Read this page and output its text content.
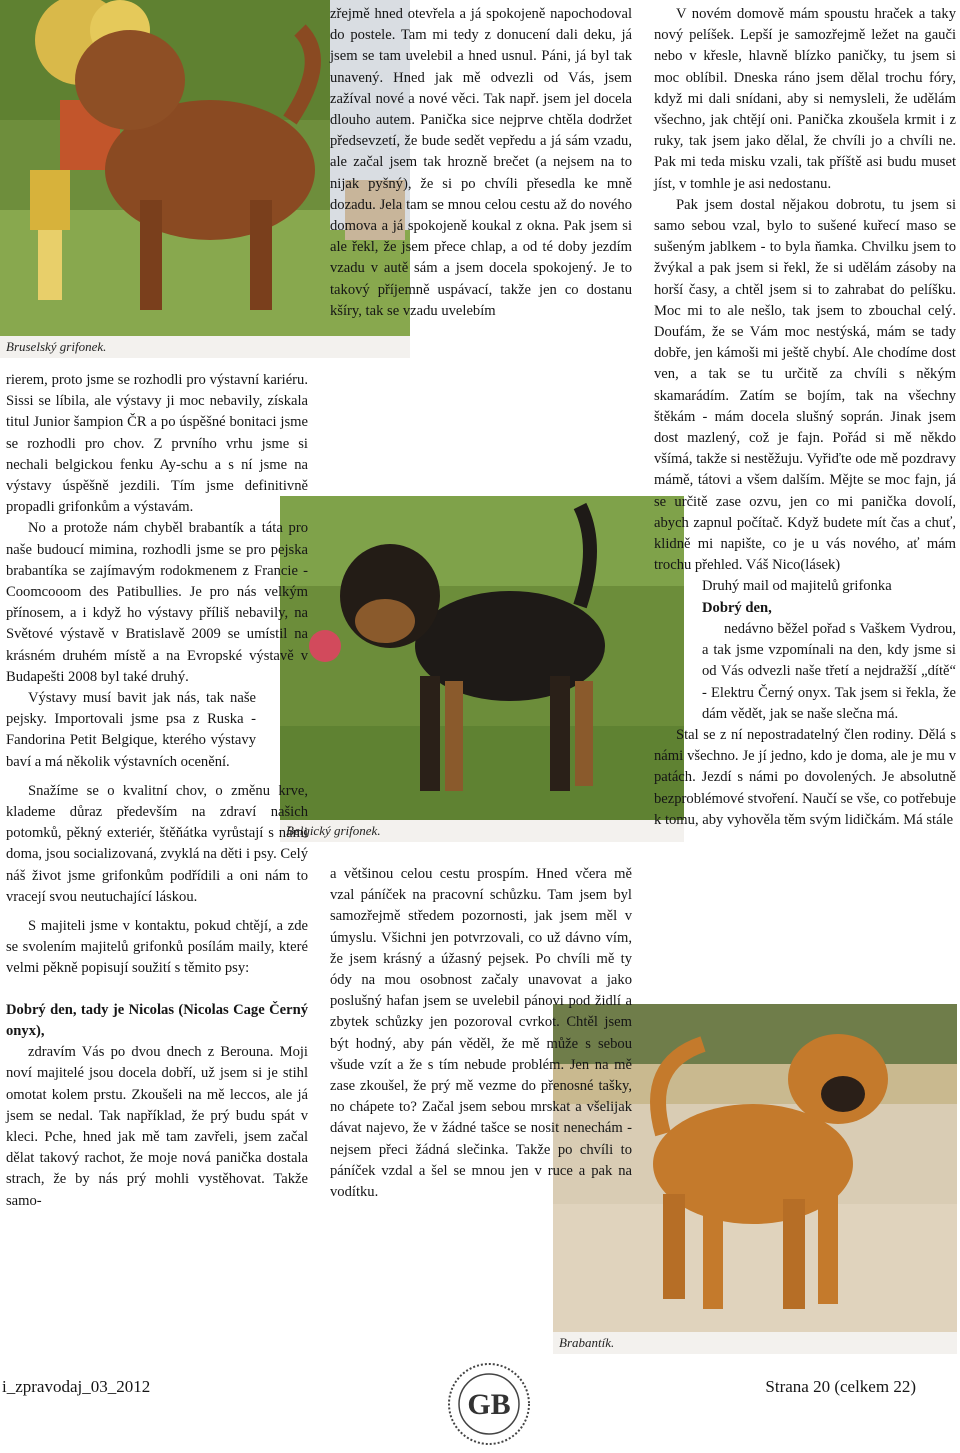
Bruselský grifonek.
Belgický grifonek.
Brabantík.

rierem, proto jsme se rozhodli pro výstavní kariéru. Sissi se líbila, ale výstavy ji moc nebavily, získala titul Junior šampion ČR a po úspěšné bonitaci jsme se rozhodli pro chov. Z prvního vrhu jsme si nechali belgickou fenku Ay-schu a s ní jsme na výstavy úspěšně jezdili. Tím jsme definitivně propadli grifonkům a výstavám.

No a protože nám chyběl brabantík a táta pro naše budoucí mimina, rozhodli jsme se pro pejska brabantíka se zajímavým rodokmenem z Francie - Coomcooom des Patibullies. Je pro nás velkým přínosem, a i když ho výstavy příliš nebavily, na Světové výstavě v Bratislavě 2009 se umístil na krásném druhém místě a na Evropské výstavě v Budapešti 2008 byl také druhý.

Výstavy musí bavit jak nás, tak naše pejsky. Importovali jsme psa z Ruska - Fandorina Petit Belgique, kterého výstavy baví a má několik výstavních ocenění.

Snažíme se o kvalitní chov, o změnu krve, klademe důraz především na zdraví našich potomků, pěkný exteriér, štěňátka vyrůstají s námi doma, jsou socializovaná, zvyklá na děti i psy. Celý náš život jsme grifonkům podřídili a oni nám to vracejí svou neutuchající láskou.

S majiteli jsme v kontaktu, pokud chtějí, a zde se svolením majitelů grifonků posílám maily, které velmi pěkně popisují soužití s těmito psy:

Dobrý den, tady je Nicolas (Nicolas Cage Černý onyx),

zdravím Vás po dvou dnech z Berouna. Moji noví majitelé jsou docela dobří, už jsem si je stihl omotat kolem prstu. Zkoušeli na mě leccos, ale já jsem se nedal. Tak například, že prý budu spát v kleci. Pche, hned jak mě tam zavřeli, jsem začal dělat takový rachot, že moje nová panička dostala strach, že by nás prý mohli vystěhovat. Takže samo-

zřejmě hned otevřela a já spokojeně napochodoval do postele. Tam mi tedy z donucení dali deku, já jsem se tam uvelebil a hned usnul. Páni, já byl tak unavený. Hned jak mě odvezli od Vás, jsem zažíval nové a nové věci. Tak např. jsem jel docela dlouho autem. Panička sice nejprve chtěla dodržet předsevzetí, že bude sedět vepředu a já sám vzadu, ale začal jsem tak hrozně brečet (a nejsem na to nijak pyšný), že si po chvíli přesedla ke mně dozadu. Jela tam se mnou celou cestu až do nového domova a já spokojeně koukal z okna. Pak jsem si ale řekl, že jsem přece chlap, a od té doby jezdím vzadu v autě sám a jsem docela spokojený. Je to takový příjemně uspávací, takže jen co dostanu kšíry, tak se vzadu uvelebím

a většinou celou cestu prospím. Hned včera mě vzal páníček na pracovní schůzku. Tam jsem byl samozřejmě středem pozornosti, jak jsem měl v úmyslu. Všichni jen potvrzovali, co už dávno vím, že jsem krásný a úžasný pejsek. Po chvíli mě ty ódy na mou osobnost začaly unavovat a jako poslušný hafan jsem se uvelebil pánovi pod židlí a zbytek schůzky jen pozoroval cvrkot. Chtěl jsem být hodný, aby pán věděl, že mě může s sebou všude vzít a že s tím nebude problém. Jen na mě zase zkoušel, že prý mě vezme do přenosné tašky, no chápete to? Začal jsem sebou mrskat a všelijak dávat najevo, že v žádné tašce se nosit nenechám - nejsem přeci žádná slečinka. Takže po chvíli to páníček vzdal a šel se mnou jen v ruce a pak na vodítku.

V novém domově mám spoustu hraček a taky nový pelíšek. Lepší je samozřejmě ležet na gauči nebo v křesle, hlavně blízko paničky, tu jsem si moc oblíbil. Dneska ráno jsem dělal trochu fóry, když mi dali snídani, aby si nemysleli, že udělám všechno, jak chtějí oni. Panička zkoušela krmit i z ruky, tak jsem jako dělal, že chvíli jo a chvíli ne. Pak mi teda misku vzali, tak příště asi budu muset jíst, v tomhle je asi nedostanu.

Pak jsem dostal nějakou dobrotu, tu jsem si samo sebou vzal, bylo to sušené kuřecí maso se sušeným jablkem - to byla ňamka. Chvilku jsem to žvýkal a pak jsem si řekl, že si udělám zásoby na horší časy, a chtěl jsem si to zahrabat do pelíšku. Moc mi to ale nešlo, tak jsem to zbouchal celý. Doufám, že se Vám moc nestýská, mám se tady dobře, jen kámoši mi ještě chybí. Ale chodíme dost ven, a tak se tu určitě za chvíli s někým skamarádím. Zatím se bojím, tak na všechny štěkám - mám docela slušný soprán. Jinak jsem dost mazlený, což je fajn. Pořád si mě někdo všímá, takže si nestěžuju. Vyřiďte ode mě pozdravy mámě, tátovi a všem dalším. Mějte se moc fajn, já se určitě zase ozvu, jen co mi panička dovolí, abych zapnul počítač. Když budete mít čas a chuť, klidně mi napište, co je u vás nového, ať mám trochu přehled. Váš Nico(lásek)

Druhý mail od majitelů grifonka

Dobrý den,

nedávno běžel pořad s Vaškem Vydrou, a tak jsme vzpomínali na den, kdy jsme si od Vás odvezli naše třetí a nejdražší „dítě“ - Elektru Černý onyx. Tak jsem si řekla, že dám vědět, jak se naše slečna má.

Stal se z ní nepostradatelný člen rodiny. Dělá s námi všechno. Je jí jedno, kdo je doma, ale je mu v patách. Jezdí s námi po dovolených. Je absolutně bezproblémové stvoření. Naučí se vše, co potřebuje k tomu, aby vyhověla těm svým lidičkám. Má stále

i_zpravodaj_03_2012
GB
Strana 20 (celkem 22)
